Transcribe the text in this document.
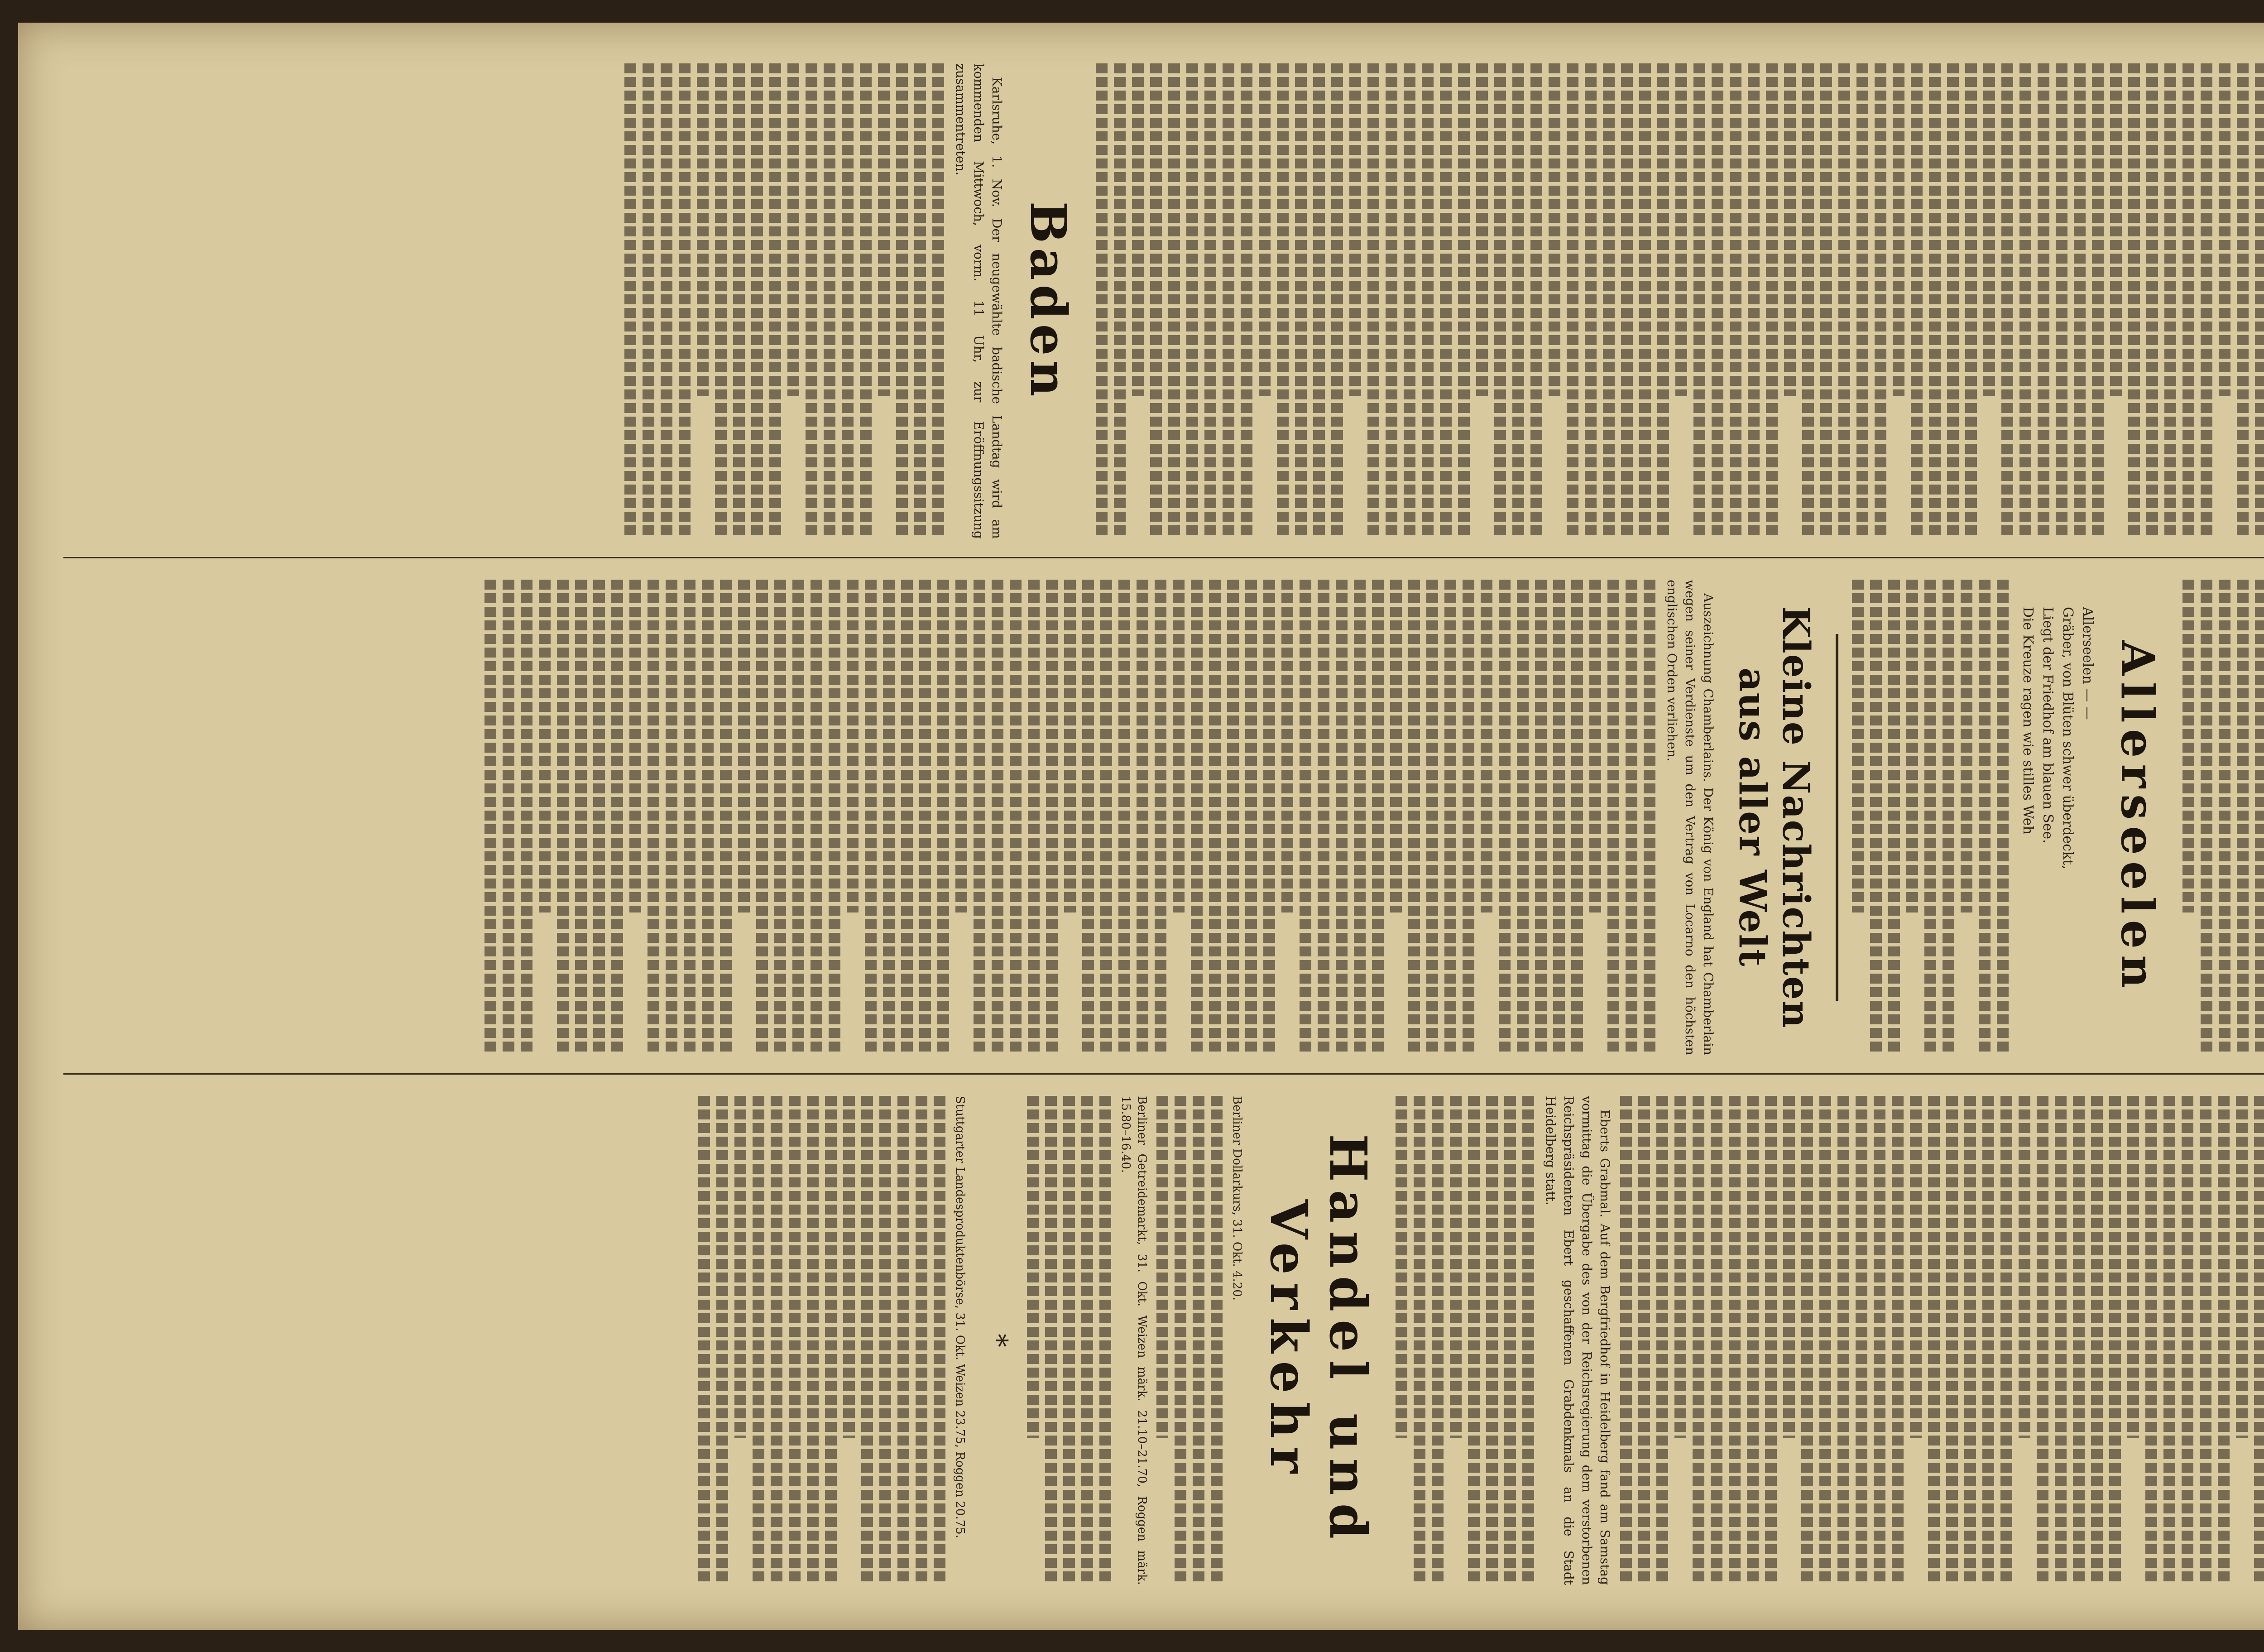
Baden

Karlsruhe, 1. Nov. Der neugewählte badische Landtag wird am kommenden Mittwoch, vorm. 11 Uhr, zur Eröffnungssitzung zusammentreten.

Allerseelen
Allerseelen — —
Gräber, von Blüten schwer überdeckt,
Liegt der Friedhof am blauen See.
Die Kreuze ragen wie stilles Weh
Kleine Nachrichten aus aller Welt

Auszeichnung Chamberlains. Der König von England hat Chamberlain wegen seiner Verdienste um den Vertrag von Locarno den höchsten englischen Orden verliehen.

Eberts Grabmal. Auf dem Bergfriedhof in Heidelberg fand am Samstag vormittag die Übergabe des von der Reichsregierung dem verstorbenen Reichspräsidenten Ebert geschaffenen Grabdenkmals an die Stadt Heidelberg statt.

Handel und Verkehr

Berliner Dollarkurs, 31. Okt. 4.20.

Berliner Getreidemarkt, 31. Okt. Weizen märk. 21.10–21.70, Roggen märk. 15.80–16.40.

*

Stuttgarter Landesproduktenbörse, 31. Okt. Weizen 23.75, Roggen 20.75.
